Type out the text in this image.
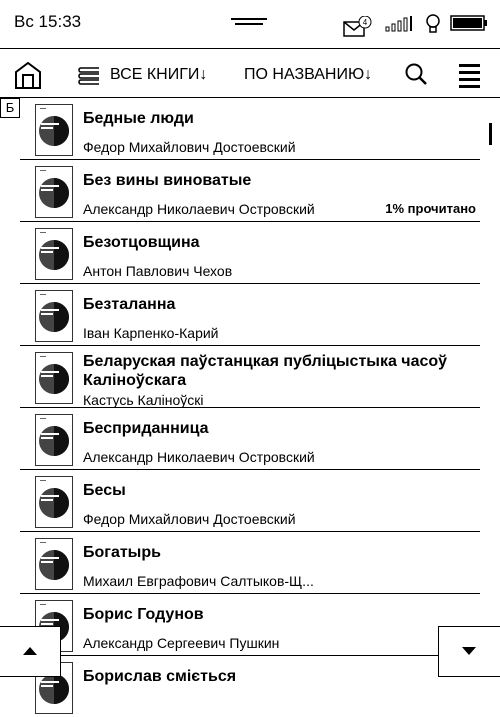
Вс 15:33	4
ВСЕ КНИГИ↓ ПО НАЗВАНИЮ↓
Б
Бедные люди
Федор Михайлович Достоевский
Без вины виноватые
Александр Николаевич Островский	1% прочитано
Безотцовщина
Антон Павлович Чехов
Безталанна
Іван Карпенко-Карий
Беларуская паўстанцкая публіцыстыка часоў Каліноўскага
Кастусь Каліноўскі
Бесприданница
Александр Николаевич Островский
Бесы
Федор Михайлович Достоевский
Богатырь
Михаил Евграфович Салтыков-Щ...
Борис Годунов
Александр Сергеевич Пушкин
Борислав сміється
